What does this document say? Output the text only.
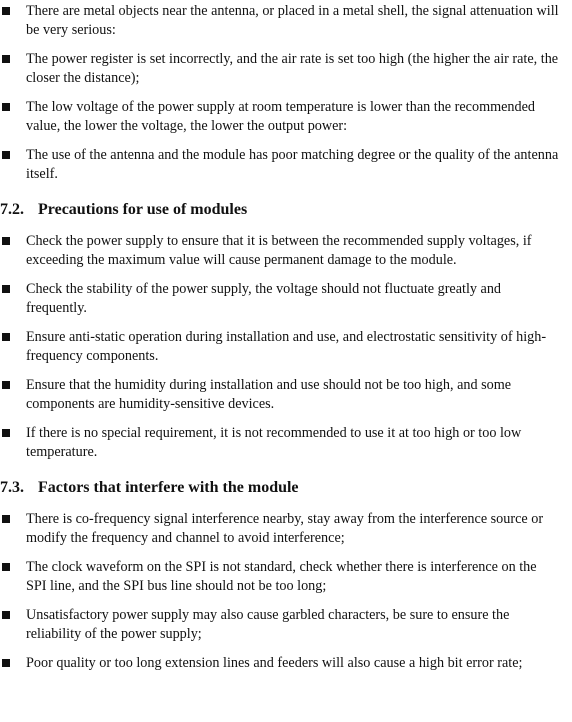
There are metal objects near the antenna, or placed in a metal shell, the signal attenuation will be very serious:
The power register is set incorrectly, and the air rate is set too high (the higher the air rate, the closer the distance);
The low voltage of the power supply at room temperature is lower than the recommended value, the lower the voltage, the lower the output power:
The use of the antenna and the module has poor matching degree or the quality of the antenna itself.
7.2. Precautions for use of modules
Check the power supply to ensure that it is between the recommended supply voltages, if exceeding the maximum value will cause permanent damage to the module.
Check the stability of the power supply, the voltage should not fluctuate greatly and frequently.
Ensure anti-static operation during installation and use, and electrostatic sensitivity of high-frequency components.
Ensure that the humidity during installation and use should not be too high, and some components are humidity-sensitive devices.
If there is no special requirement, it is not recommended to use it at too high or too low temperature.
7.3. Factors that interfere with the module
There is co-frequency signal interference nearby, stay away from the interference source or modify the frequency and channel to avoid interference;
The clock waveform on the SPI is not standard, check whether there is interference on the SPI line, and the SPI bus line should not be too long;
Unsatisfactory power supply may also cause garbled characters, be sure to ensure the reliability of the power supply;
Poor quality or too long extension lines and feeders will also cause a high bit error rate;
